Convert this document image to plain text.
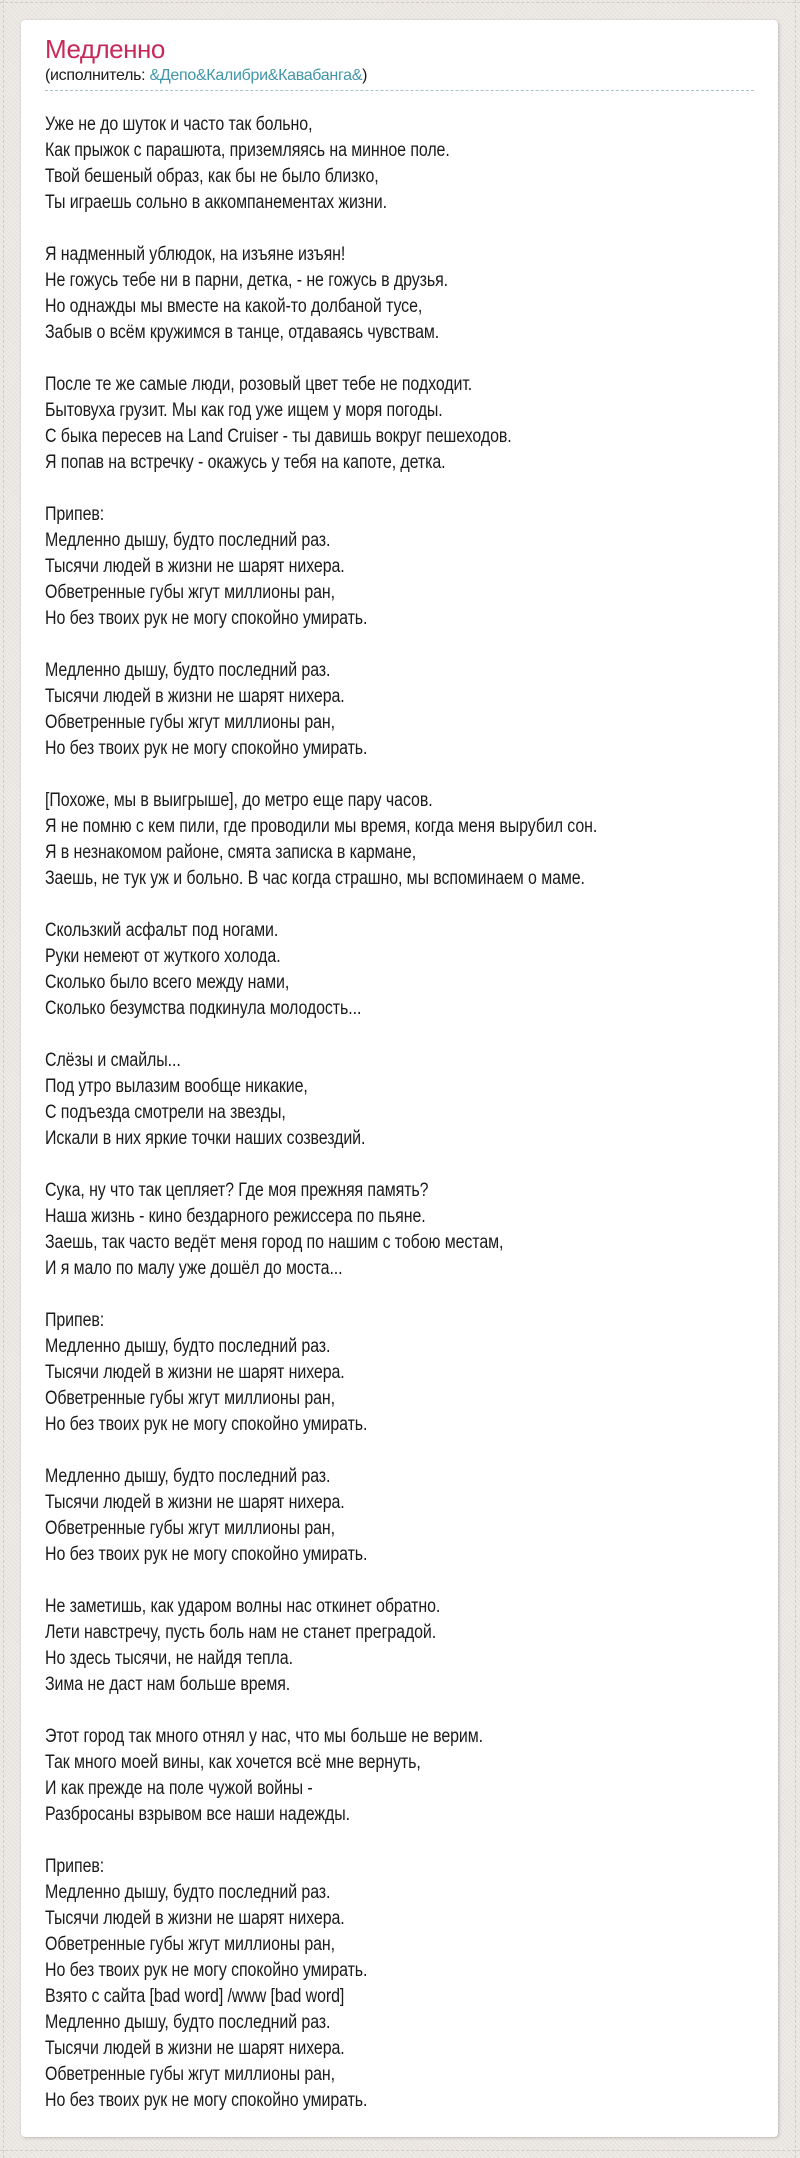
Медленно
(исполнитель: &Депо&Калибри&Кавабанга&)
Уже не до шуток и часто так больно,
Как прыжок с парашюта, приземляясь на минное поле.
Твой бешеный образ, как бы не было близко,
Ты играешь сольно в аккомпанементах жизни.
Я надменный ублюдок, на изъяне изъян!
Не гожусь тебе ни в парни, детка, - не гожусь в друзья.
Но однажды мы вместе на какой-то долбаной тусе,
Забыв о всём кружимся в танце, отдаваясь чувствам.
После те же самые люди, розовый цвет тебе не подходит.
Бытовуха грузит. Мы как год уже ищем у моря погоды.
С быка пересев на Land Cruiser - ты давишь вокруг пешеходов.
Я попав на встречку - окажусь у тебя на капоте, детка.
Припев:
Медленно дышу, будто последний раз.
Тысячи людей в жизни не шарят нихера.
Обветренные губы жгут миллионы ран,
Но без твоих рук не могу спокойно умирать.
Медленно дышу, будто последний раз.
Тысячи людей в жизни не шарят нихера.
Обветренные губы жгут миллионы ран,
Но без твоих рук не могу спокойно умирать.
[Похоже, мы в выигрыше], до метро еще пару часов.
Я не помню с кем пили, где проводили мы время, когда меня вырубил сон.
Я в незнакомом районе, смята записка в кармане,
Заешь, не тук уж и больно. В час когда страшно, мы вспоминаем о маме.
Скользкий асфальт под ногами.
Руки немеют от жуткого холода.
Сколько было всего между нами,
Сколько безумства подкинула молодость...
Слёзы и смайлы...
Под утро вылазим вообще никакие,
С подъезда смотрели на звезды,
Искали в них яркие точки наших созвездий.
Сука, ну что так цепляет? Где моя прежняя память?
Наша жизнь - кино бездарного режиссера по пьяне.
Заешь, так часто ведёт меня город по нашим с тобою местам,
И я мало по малу уже дошёл до моста...
Припев:
Медленно дышу, будто последний раз.
Тысячи людей в жизни не шарят нихера.
Обветренные губы жгут миллионы ран,
Но без твоих рук не могу спокойно умирать.
Медленно дышу, будто последний раз.
Тысячи людей в жизни не шарят нихера.
Обветренные губы жгут миллионы ран,
Но без твоих рук не могу спокойно умирать.
Не заметишь, как ударом волны нас откинет обратно.
Лети навстречу, пусть боль нам не станет преградой.
Но здесь тысячи, не найдя тепла.
Зима не даст нам больше время.
Этот город так много отнял у нас, что мы больше не верим.
Так много моей вины, как хочется всё мне вернуть,
И как прежде на поле чужой войны -
Разбросаны взрывом все наши надежды.
Припев:
Медленно дышу, будто последний раз.
Тысячи людей в жизни не шарят нихера.
Обветренные губы жгут миллионы ран,
Но без твоих рук не могу спокойно умирать.
Взято с сайта [bad word] /www [bad word]
Медленно дышу, будто последний раз.
Тысячи людей в жизни не шарят нихера.
Обветренные губы жгут миллионы ран,
Но без твоих рук не могу спокойно умирать.
